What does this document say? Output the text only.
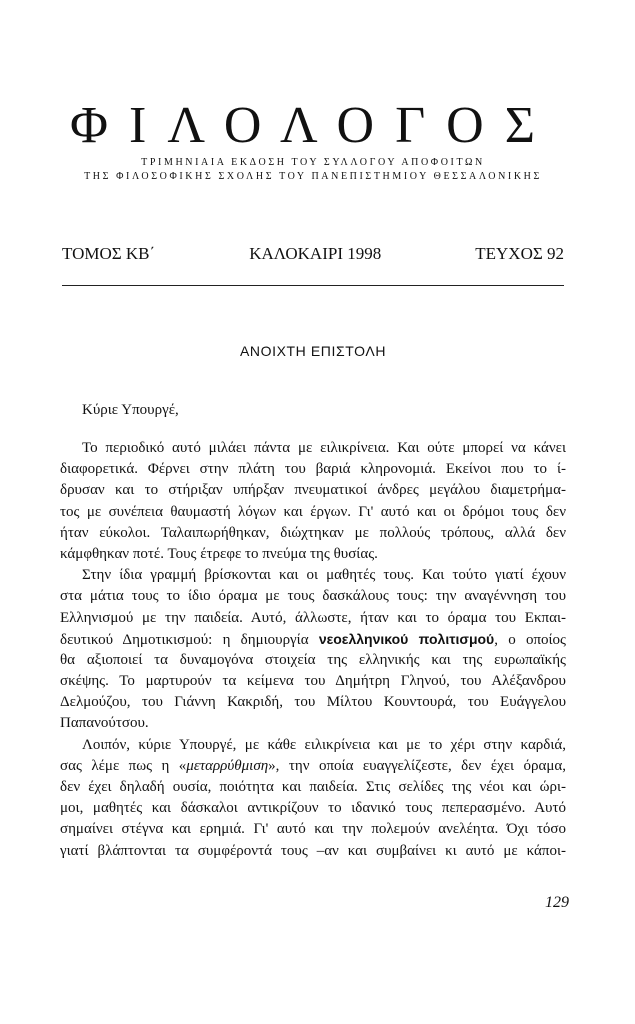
ΦΙΛΟΛΟΓΟΣ
ΤΡΙΜΗΝΙΑΙΑ ΕΚΔΟΣΗ ΤΟΥ ΣΥΛΛΟΓΟΥ ΑΠΟΦΟΙΤΩΝ
ΤΗΣ ΦΙΛΟΣΟΦΙΚΗΣ ΣΧΟΛΗΣ ΤΟΥ ΠΑΝΕΠΙΣΤΗΜΙΟΥ ΘΕΣΣΑΛΟΝΙΚΗΣ
ΤΟΜΟΣ ΚΒ΄	ΚΑΛΟΚΑΙΡΙ 1998	ΤΕΥΧΟΣ 92
ΑΝΟΙΧΤΗ ΕΠΙΣΤΟΛΗ
Κύριε Υπουργέ,
Το περιοδικό αυτό μιλάει πάντα με ειλικρίνεια. Και ούτε μπορεί να κάνει
διαφορετικά. Φέρνει στην πλάτη του βαριά κληρονομιά. Εκείνοι που το ί-
δρυσαν και το στήριξαν υπήρξαν πνευματικοί άνδρες μεγάλου διαμετρήμα-
τος με συνέπεια θαυμαστή λόγων και έργων. Γι' αυτό και οι δρόμοι τους δεν
ήταν εύκολοι. Ταλαιπωρήθηκαν, διώχτηκαν με πολλούς τρόπους, αλλά δεν
κάμφθηκαν ποτέ. Τους έτρεφε το πνεύμα της θυσίας.
Στην ίδια γραμμή βρίσκονται και οι μαθητές τους. Και τούτο γιατί έχουν
στα μάτια τους το ίδιο όραμα με τους δασκάλους τους: την αναγέννηση του
Ελληνισμού με την παιδεία. Αυτό, άλλωστε, ήταν και το όραμα του Εκπαι-
δευτικού Δημοτικισμού: η δημιουργία νεοελληνικού πολιτισμού, ο οποίος
θα αξιοποιεί τα δυναμογόνα στοιχεία της ελληνικής και της ευρωπαϊκής
σκέψης. Το μαρτυρούν τα κείμενα του Δημήτρη Γληνού, του Αλέξανδρου
Δελμούζου, του Γιάννη Κακριδή, του Μίλτου Κουντουρά, του Ευάγγελου
Παπανούτσου.
Λοιπόν, κύριε Υπουργέ, με κάθε ειλικρίνεια και με το χέρι στην καρδιά,
σας λέμε πως η «μεταρρύθμιση», την οποία ευαγγελίζεστε, δεν έχει όραμα,
δεν έχει δηλαδή ουσία, ποιότητα και παιδεία. Στις σελίδες της νέοι και ώρι-
μοι, μαθητές και δάσκαλοι αντικρίζουν το ιδανικό τους πεπερασμένο. Αυτό
σημαίνει στέγνα και ερημιά. Γι' αυτό και την πολεμούν ανελέητα. Όχι τόσο
γιατί βλάπτονται τα συμφέροντά τους –αν και συμβαίνει κι αυτό με κάποι-
129
